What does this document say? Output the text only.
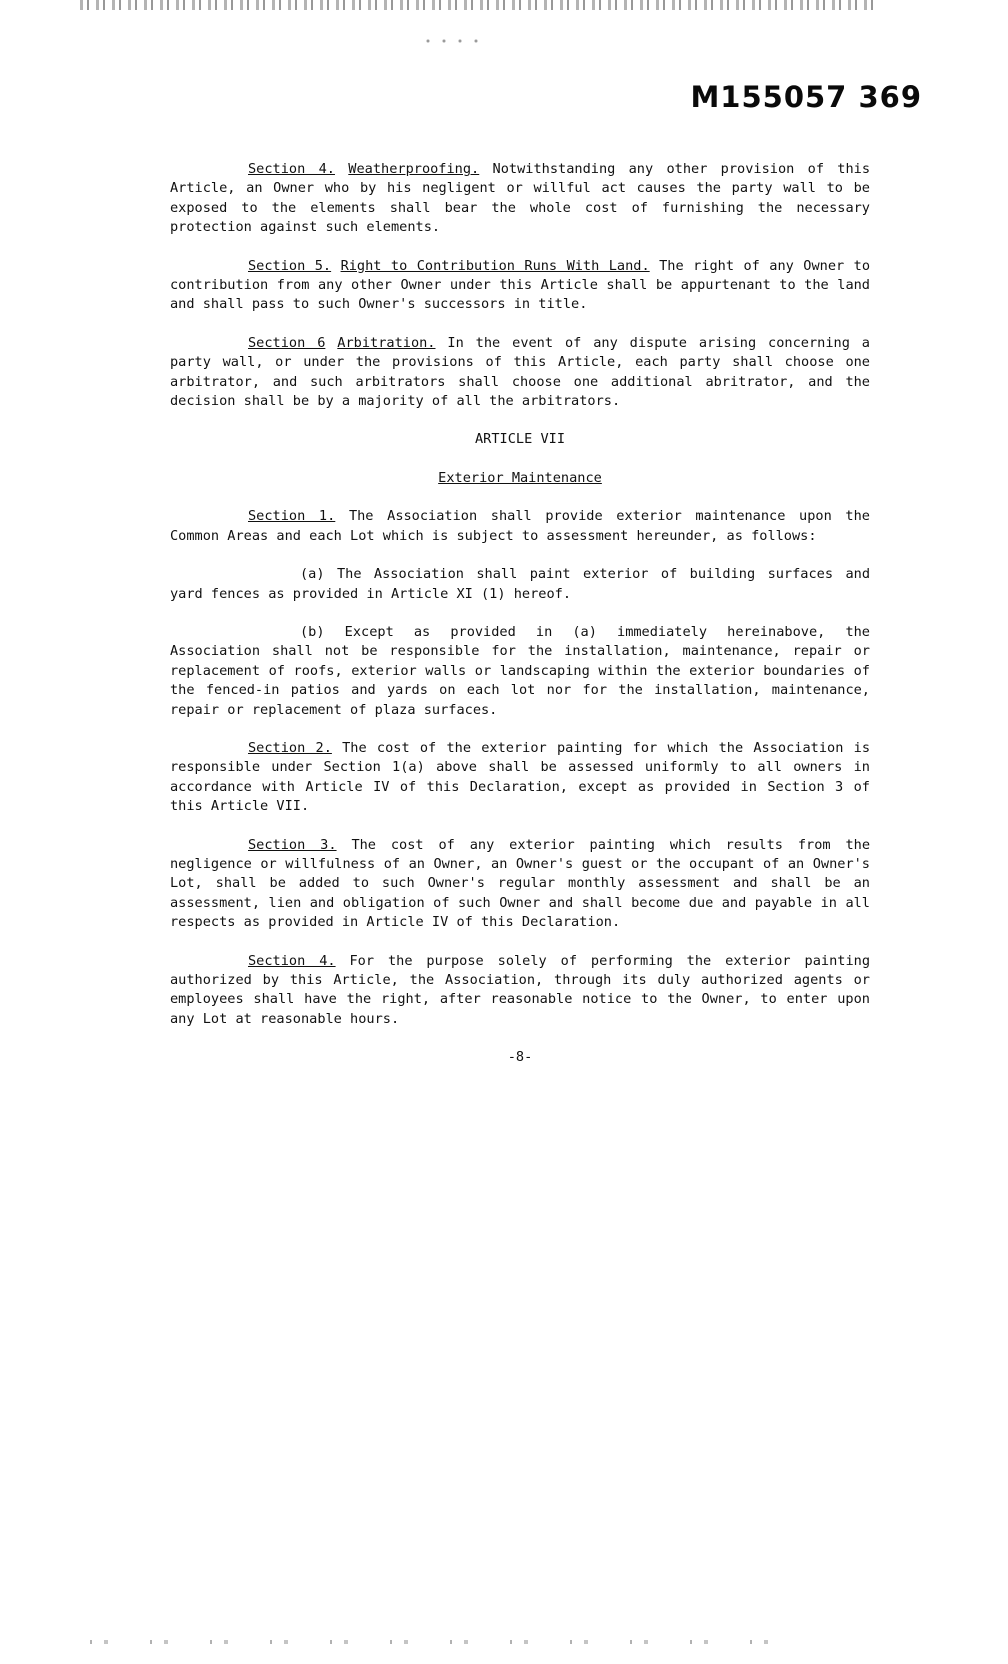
M155057 369

Section 4. Weatherproofing. Notwithstanding any other provision of this Article, an Owner who by his negligent or willful act causes the party wall to be exposed to the elements shall bear the whole cost of furnishing the necessary protection against such elements.

Section 5. Right to Contribution Runs With Land. The right of any Owner to contribution from any other Owner under this Article shall be appurtenant to the land and shall pass to such Owner's successors in title.

Section 6 Arbitration. In the event of any dispute arising concerning a party wall, or under the provisions of this Article, each party shall choose one arbitrator, and such arbitrators shall choose one additional abritrator, and the decision shall be by a majority of all the arbitrators.

ARTICLE VII

Exterior Maintenance

Section 1. The Association shall provide exterior maintenance upon the Common Areas and each Lot which is subject to assessment hereunder, as follows:

(a) The Association shall paint exterior of building surfaces and yard fences as provided in Article XI (1) hereof.

(b) Except as provided in (a) immediately hereinabove, the Association shall not be responsible for the installation, maintenance, repair or replacement of roofs, exterior walls or landscaping within the exterior boundaries of the fenced-in patios and yards on each lot nor for the installation, maintenance, repair or replacement of plaza surfaces.

Section 2. The cost of the exterior painting for which the Association is responsible under Section 1(a) above shall be assessed uniformly to all owners in accordance with Article IV of this Declaration, except as provided in Section 3 of this Article VII.

Section 3. The cost of any exterior painting which results from the negligence or willfulness of an Owner, an Owner's guest or the occupant of an Owner's Lot, shall be added to such Owner's regular monthly assessment and shall be an assessment, lien and obligation of such Owner and shall become due and payable in all respects as provided in Article IV of this Declaration.

Section 4. For the purpose solely of performing the exterior painting authorized by this Article, the Association, through its duly authorized agents or employees shall have the right, after reasonable notice to the Owner, to enter upon any Lot at reasonable hours.

-8-
